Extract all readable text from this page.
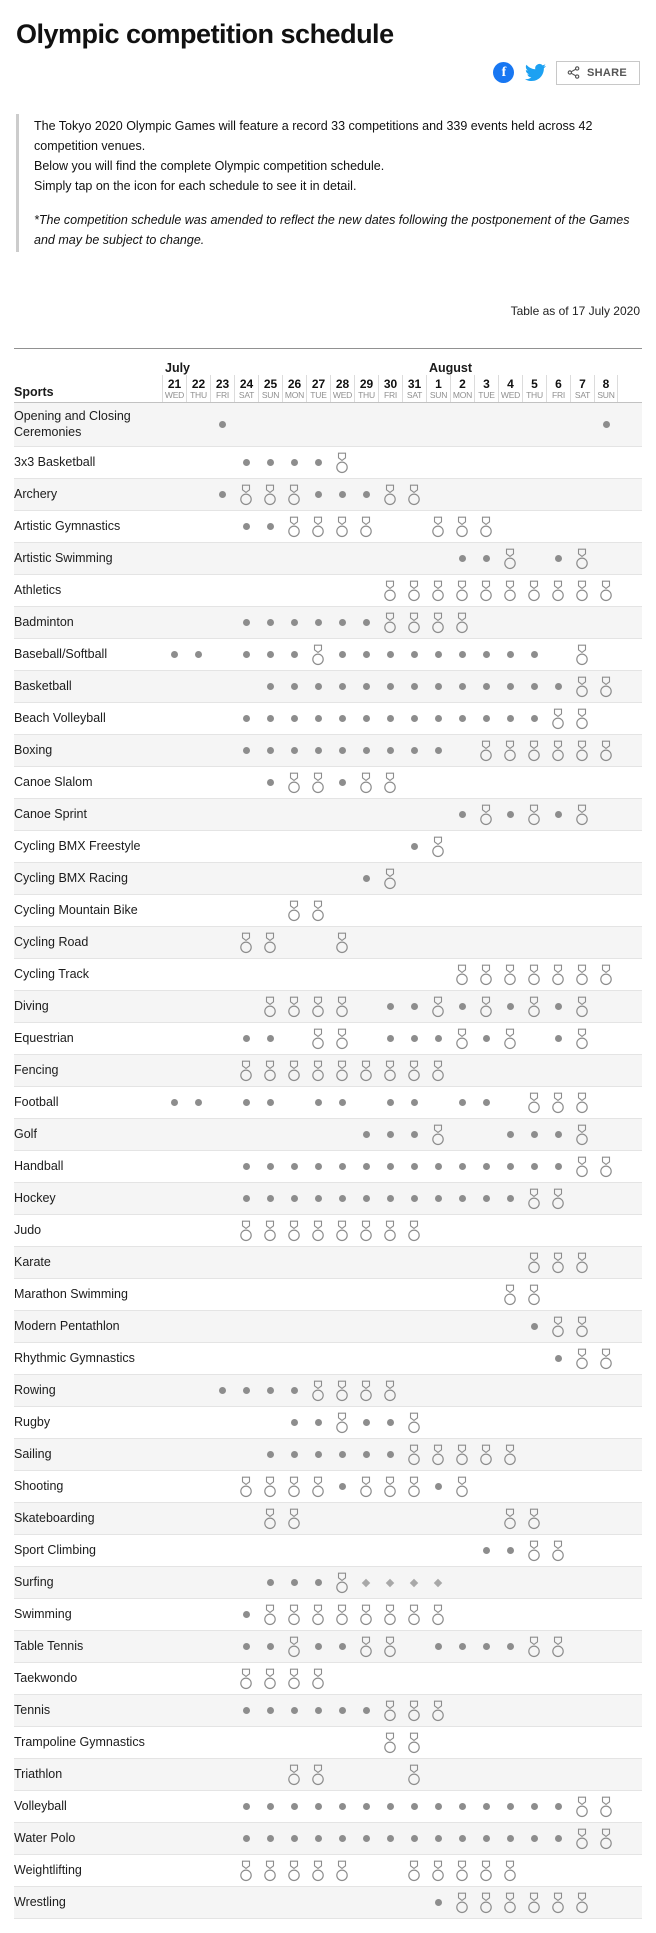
Olympic competition schedule
f	SHARE

The Tokyo 2020 Olympic Games will feature a record 33 competitions and 339 events held across 42 competition venues.

Below you will find the complete Olympic competition schedule.

Simply tap on the icon for each schedule to see it in detail.

*The competition schedule was amended to reflect the new dates following the postponement of the Games and may be subject to change.

Table as of 17 July 2020
July	August
Sports
21
WED
22
THU
23
FRI
24
SAT
25
SUN
26
MON
27
TUE
28
WED
29
THU
30
FRI
31
SAT
1
SUN
2
MON
3
TUE
4
WED
5
THU
6
FRI
7
SAT
8
SUN
Opening and Closing Ceremonies
3x3 Basketball
Archery
Artistic Gymnastics
Artistic Swimming
Athletics
Badminton
Baseball/Softball
Basketball
Beach Volleyball
Boxing
Canoe Slalom
Canoe Sprint
Cycling BMX Freestyle
Cycling BMX Racing
Cycling Mountain Bike
Cycling Road
Cycling Track
Diving
Equestrian
Fencing
Football
Golf
Handball
Hockey
Judo
Karate
Marathon Swimming
Modern Pentathlon
Rhythmic Gymnastics
Rowing
Rugby
Sailing
Shooting
Skateboarding
Sport Climbing
Surfing
Swimming
Table Tennis
Taekwondo
Tennis
Trampoline Gymnastics
Triathlon
Volleyball
Water Polo
Weightlifting
Wrestling
